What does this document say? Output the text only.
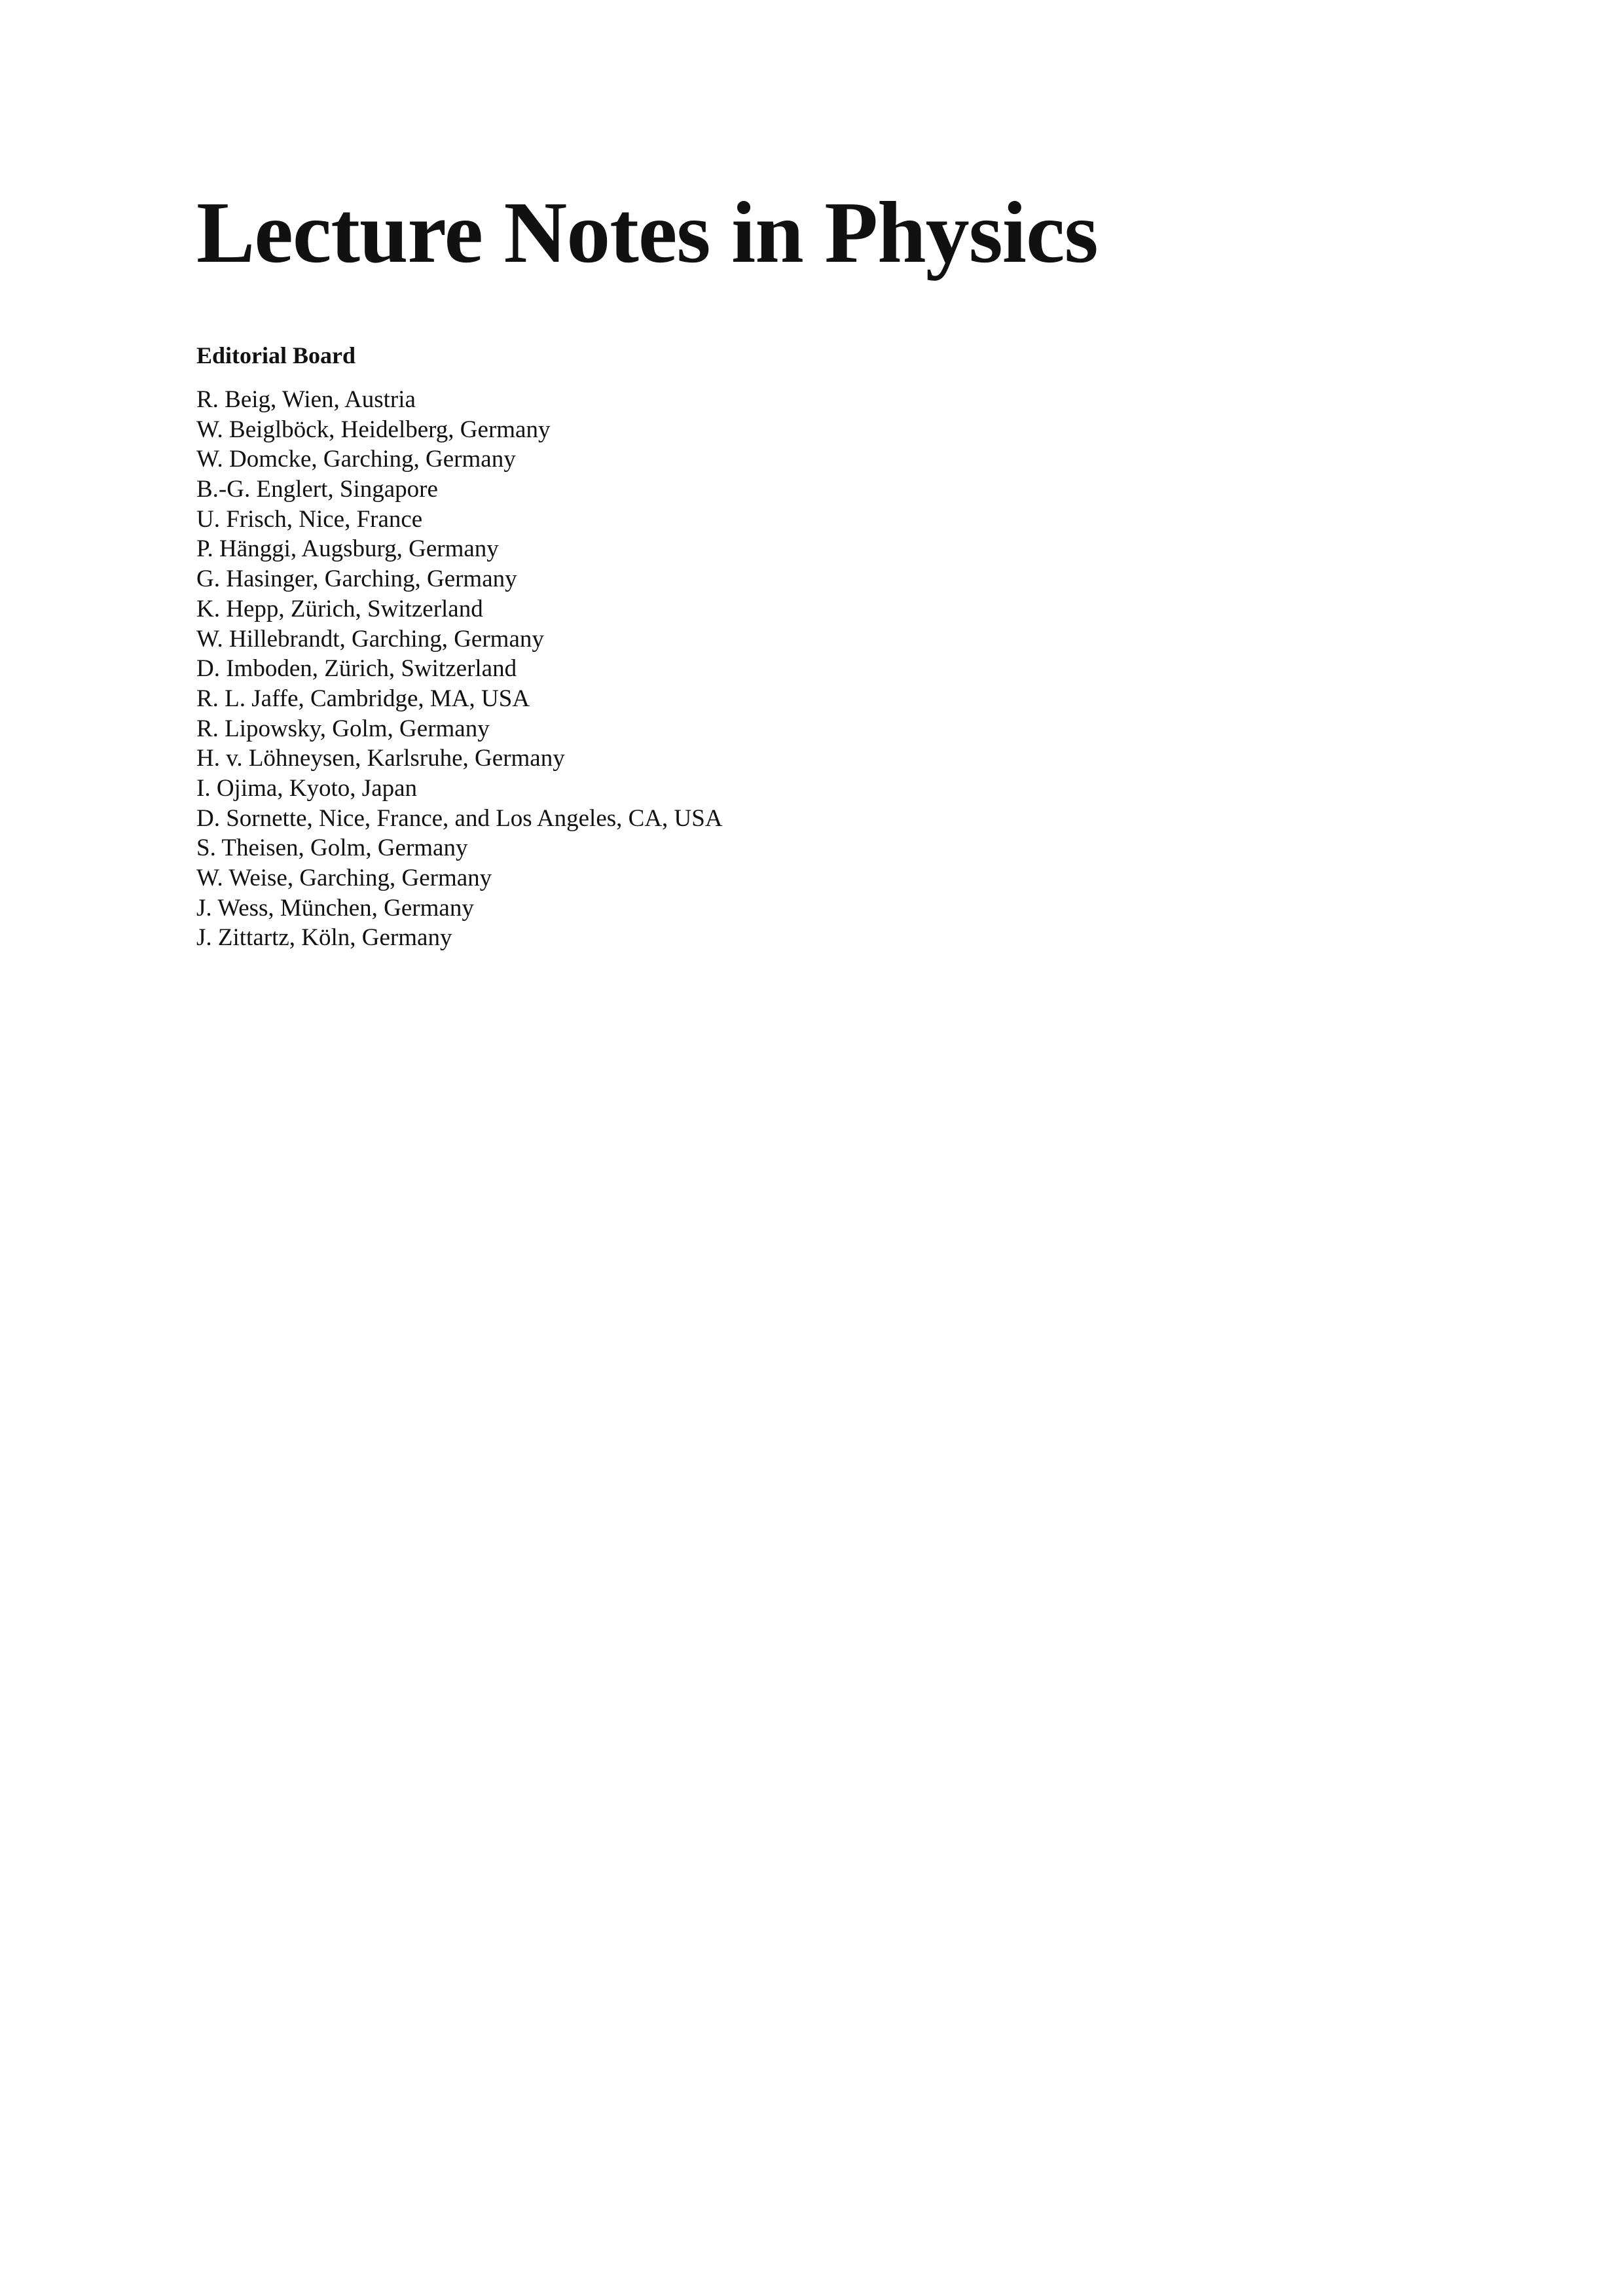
Lecture Notes in Physics
Editorial Board
R. Beig, Wien, Austria
W. Beiglböck, Heidelberg, Germany
W. Domcke, Garching, Germany
B.-G. Englert, Singapore
U. Frisch, Nice, France
P. Hänggi, Augsburg, Germany
G. Hasinger, Garching, Germany
K. Hepp, Zürich, Switzerland
W. Hillebrandt, Garching, Germany
D. Imboden, Zürich, Switzerland
R. L. Jaffe, Cambridge, MA, USA
R. Lipowsky, Golm, Germany
H. v. Löhneysen, Karlsruhe, Germany
I. Ojima, Kyoto, Japan
D. Sornette, Nice, France, and Los Angeles, CA, USA
S. Theisen, Golm, Germany
W. Weise, Garching, Germany
J. Wess, München, Germany
J. Zittartz, Köln, Germany
